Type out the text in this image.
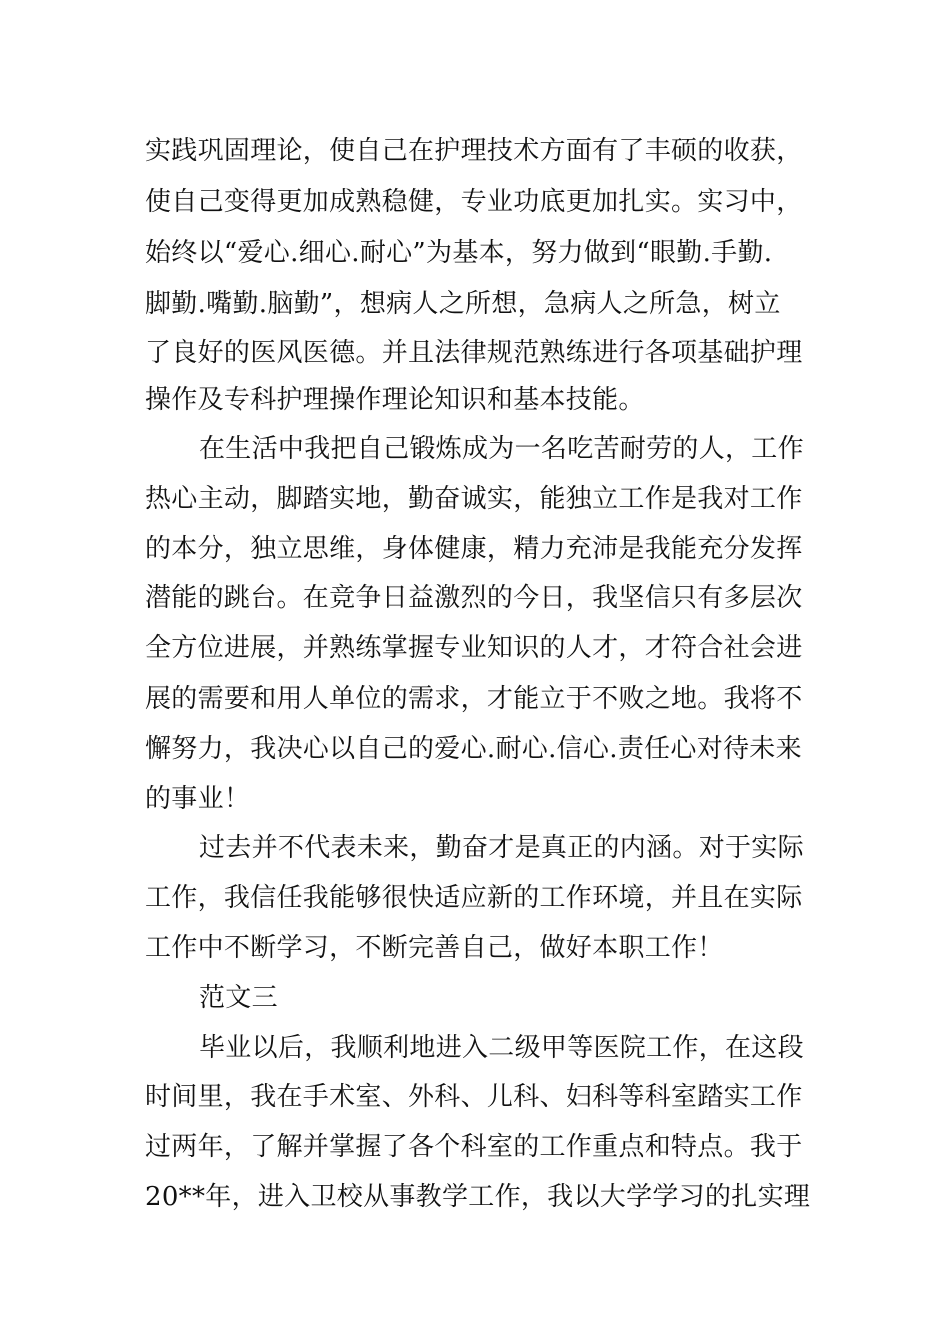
实践巩固理论，使自己在护理技术方面有了丰硕的收获，
使自己变得更加成熟稳健，专业功底更加扎实。实习中，
始终以“爱心.细心.耐心”为基本，努力做到“眼勤.手勤.
脚勤.嘴勤.脑勤”，想病人之所想，急病人之所急，树立
了良好的医风医德。并且法律规范熟练进行各项基础护理
操作及专科护理操作理论知识和基本技能。
在生活中我把自己锻炼成为一名吃苦耐劳的人，工作
热心主动，脚踏实地，勤奋诚实，能独立工作是我对工作
的本分，独立思维，身体健康，精力充沛是我能充分发挥
潜能的跳台。在竞争日益激烈的今日，我坚信只有多层次
全方位进展，并熟练掌握专业知识的人才，才符合社会进
展的需要和用人单位的需求，才能立于不败之地。我将不
懈努力，我决心以自己的爱心.耐心.信心.责任心对待未来
的事业！
过去并不代表未来，勤奋才是真正的内涵。对于实际
工作，我信任我能够很快适应新的工作环境，并且在实际
工作中不断学习，不断完善自己，做好本职工作！
范文三
毕业以后，我顺利地进入二级甲等医院工作，在这段
时间里，我在手术室、外科、儿科、妇科等科室踏实工作
过两年，了解并掌握了各个科室的工作重点和特点。我于
20**年，进入卫校从事教学工作，我以大学学习的扎实理
